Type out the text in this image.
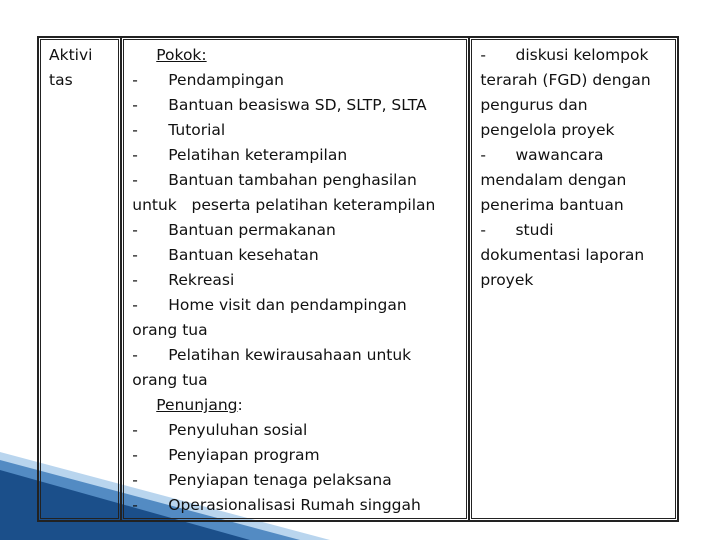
Aktivi
tas

Pokok:
- Pendampingan
- Bantuan beasiswa SD, SLTP, SLTA
- Tutorial
- Pelatihan keterampilan
- Bantuan tambahan penghasilan
untuk   peserta pelatihan keterampilan
- Bantuan permakanan
- Bantuan kesehatan
- Rekreasi
- Home visit dan pendampingan
orang tua
- Pelatihan kewirausahaan untuk
orang tua
Penunjang:
- Penyuluhan sosial
- Penyiapan program
- Penyiapan tenaga pelaksana
- Operasionalisasi Rumah singgah

-      diskusi kelompok
terarah (FGD) dengan
pengurus dan
pengelola proyek
-      wawancara
mendalam dengan
penerima bantuan
-      studi
dokumentasi laporan
proyek
